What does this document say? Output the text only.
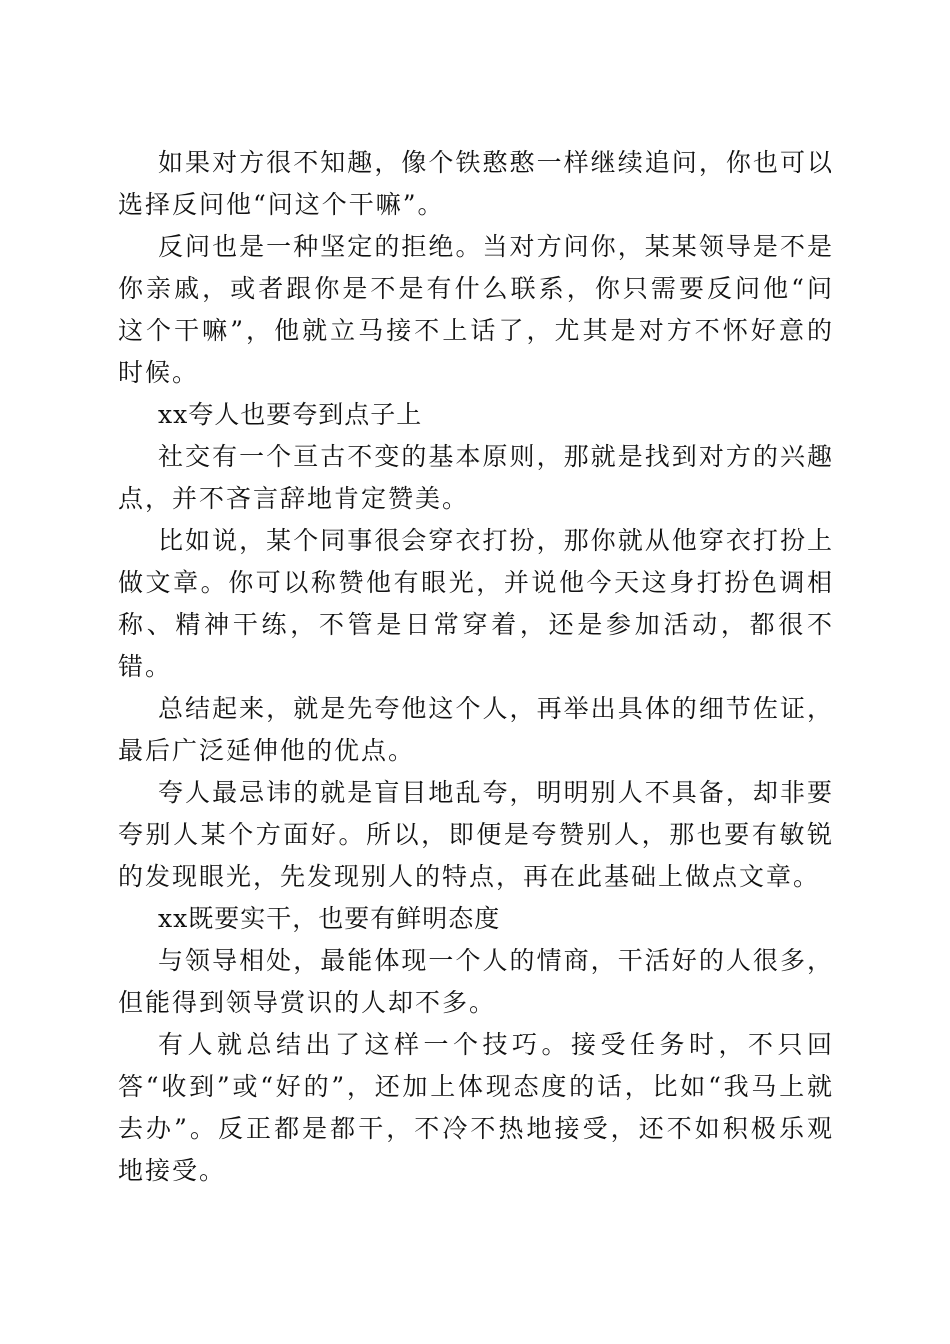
如果对方很不知趣，像个铁憨憨一样继续追问，你也可以选择反问他“问这个干嘛”。

反问也是一种坚定的拒绝。当对方问你，某某领导是不是你亲戚，或者跟你是不是有什么联系，你只需要反问他“问这个干嘛”，他就立马接不上话了，尤其是对方不怀好意的时候。

xx夸人也要夸到点子上

社交有一个亘古不变的基本原则，那就是找到对方的兴趣点，并不吝言辞地肯定赞美。

比如说，某个同事很会穿衣打扮，那你就从他穿衣打扮上做文章。你可以称赞他有眼光，并说他今天这身打扮色调相称、精神干练，不管是日常穿着，还是参加活动，都很不错。

总结起来，就是先夸他这个人，再举出具体的细节佐证，最后广泛延伸他的优点。

夸人最忌讳的就是盲目地乱夸，明明别人不具备，却非要夸别人某个方面好。所以，即便是夸赞别人，那也要有敏锐的发现眼光，先发现别人的特点，再在此基础上做点文章。

xx既要实干，也要有鲜明态度

与领导相处，最能体现一个人的情商，干活好的人很多，但能得到领导赏识的人却不多。

有人就总结出了这样一个技巧。接受任务时，不只回答“收到”或“好的”，还加上体现态度的话，比如“我马上就去办”。反正都是都干，不冷不热地接受，还不如积极乐观地接受。
